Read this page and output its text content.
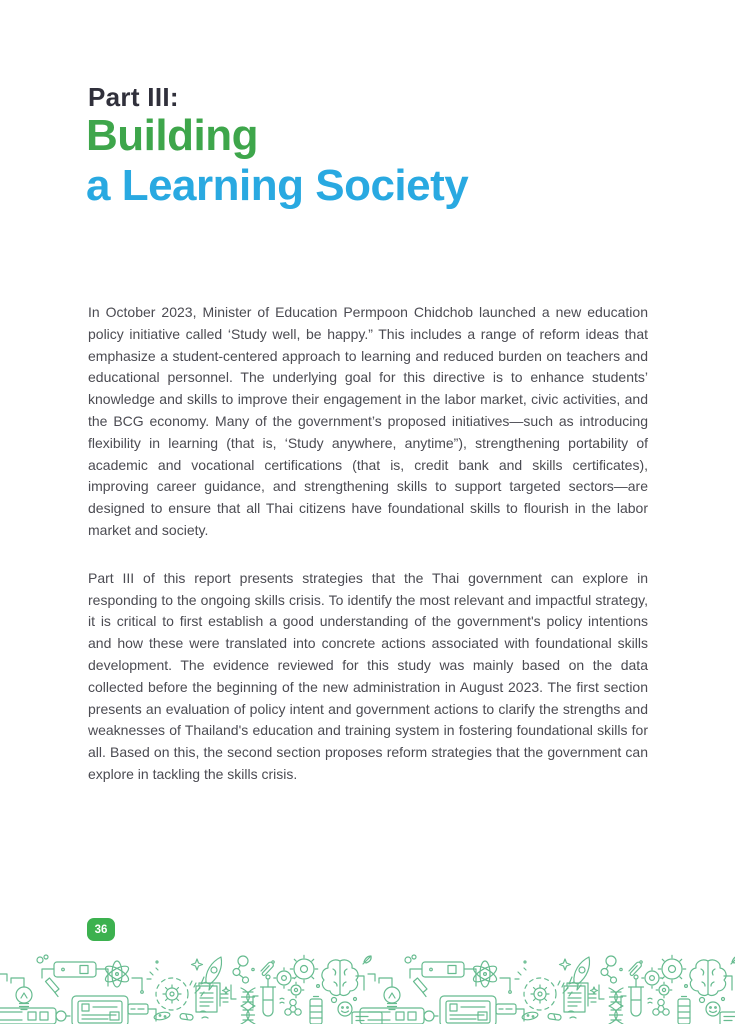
Part III:
Building
a Learning Society

In October 2023, Minister of Education Permpoon Chidchob launched a new education policy initiative called ‘Study well, be happy.” This includes a range of reform ideas that emphasize a student-centered approach to learning and reduced burden on teachers and educational personnel. The underlying goal for this directive is to enhance students’ knowledge and skills to improve their engagement in the labor market, civic activities, and the BCG economy. Many of the government’s proposed initiatives—such as introducing flexibility in learning (that is, ‘Study anywhere, anytime”), strengthening portability of academic and vocational certifications (that is, credit bank and skills certificates), improving career guidance, and strengthening skills to support targeted sectors—are designed to ensure that all Thai citizens have foundational skills to flourish in the labor market and society.

Part III of this report presents strategies that the Thai government can explore in responding to the ongoing skills crisis. To identify the most relevant and impactful strategy, it is critical to first establish a good understanding of the government's policy intentions and how these were translated into concrete actions associated with foundational skills development. The evidence reviewed for this study was mainly based on the data collected before the beginning of the new administration in August 2023. The first section presents an evaluation of policy intent and government actions to clarify the strengths and weaknesses of Thailand's education and training system in fostering foundational skills for all. Based on this, the second section proposes reform strategies that the government can explore in tackling the skills crisis.

36
